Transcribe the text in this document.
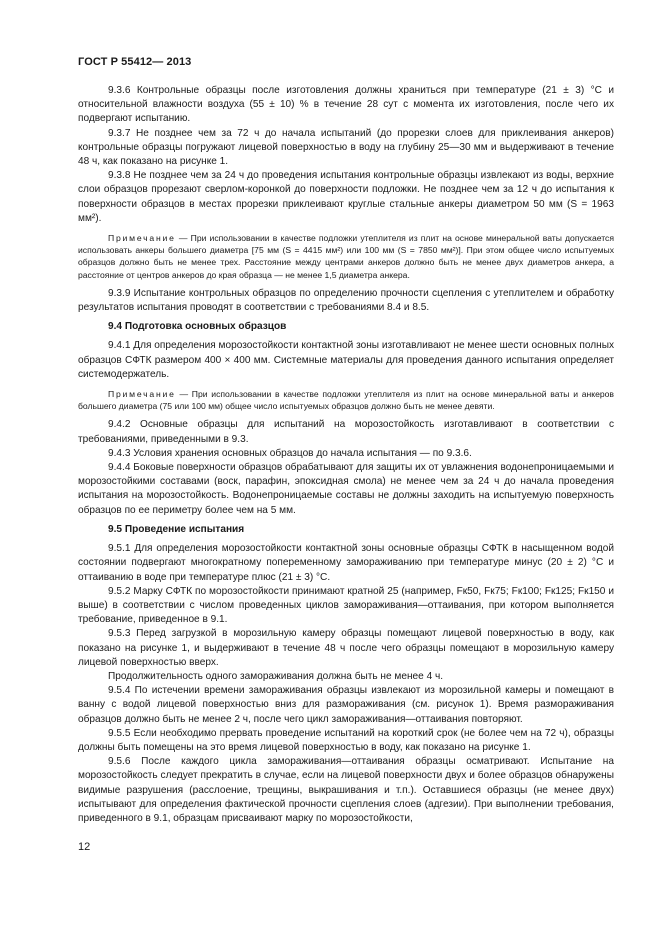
ГОСТ Р 55412— 2013

9.3.6 Контрольные образцы после изготовления должны храниться при температуре (21 ± 3) °С и относительной влажности воздуха (55 ± 10) % в течение 28 сут с момента их изготовления, после чего их подвергают испытанию.

9.3.7 Не позднее чем за 72 ч до начала испытаний (до прорезки слоев для приклеивания анкеров) контрольные образцы погружают лицевой поверхностью в воду на глубину 25—30 мм и выдерживают в течение 48 ч, как показано на рисунке 1.

9.3.8 Не позднее чем за 24 ч до проведения испытания контрольные образцы извлекают из воды, верхние слои образцов прорезают сверлом-коронкой до поверхности подложки. Не позднее чем за 12 ч до испытания к поверхности образцов в местах прорезки приклеивают круглые стальные анкеры диаметром 50 мм (S = 1963 мм²).

Примечание — При использовании в качестве подложки утеплителя из плит на основе минеральной ваты допускается использовать анкеры большего диаметра [75 мм (S = 4415 мм²) или 100 мм (S = 7850 мм²)]. При этом общее число испытуемых образцов должно быть не менее трех. Расстояние между центрами анкеров должно быть не менее двух диаметров анкера, а расстояние от центров анкеров до края образца — не менее 1,5 диаметра анкера.

9.3.9 Испытание контрольных образцов по определению прочности сцепления с утеплителем и обработку результатов испытания проводят в соответствии с требованиями 8.4 и 8.5.

9.4 Подготовка основных образцов

9.4.1 Для определения морозостойкости контактной зоны изготавливают не менее шести основных полных образцов СФТК размером 400 × 400 мм. Системные материалы для проведения данного испытания определяет системодержатель.

Примечание — При использовании в качестве подложки утеплителя из плит на основе минеральной ваты и анкеров большего диаметра (75 или 100 мм) общее число испытуемых образцов должно быть не менее девяти.

9.4.2 Основные образцы для испытаний на морозостойкость изготавливают в соответствии с требованиями, приведенными в 9.3.

9.4.3 Условия хранения основных образцов до начала испытания — по 9.3.6.

9.4.4 Боковые поверхности образцов обрабатывают для защиты их от увлажнения водонепроницаемыми и морозостойкими составами (воск, парафин, эпоксидная смола) не менее чем за 24 ч до начала проведения испытания на морозостойкость. Водонепроницаемые составы не должны заходить на испытуемую поверхность образцов по ее периметру более чем на 5 мм.

9.5 Проведение испытания

9.5.1 Для определения морозостойкости контактной зоны основные образцы СФТК в насыщенном водой состоянии подвергают многократному попеременному замораживанию при температуре минус (20 ± 2) °С и оттаиванию в воде при температуре плюс (21 ± 3) °С.

9.5.2 Марку СФТК по морозостойкости принимают кратной 25 (например, Fк50, Fк75; Fк100; Fк125; Fк150 и выше) в соответствии с числом проведенных циклов замораживания—оттаивания, при котором выполняется требование, приведенное в 9.1.

9.5.3 Перед загрузкой в морозильную камеру образцы помещают лицевой поверхностью в воду, как показано на рисунке 1, и выдерживают в течение 48 ч после чего образцы помещают в морозильную камеру лицевой поверхностью вверх.

Продолжительность одного замораживания должна быть не менее 4 ч.

9.5.4 По истечении времени замораживания образцы извлекают из морозильной камеры и помещают в ванну с водой лицевой поверхностью вниз для размораживания (см. рисунок 1). Время размораживания образцов должно быть не менее 2 ч, после чего цикл замораживания—оттаивания повторяют.

9.5.5 Если необходимо прервать проведение испытаний на короткий срок (не более чем на 72 ч), образцы должны быть помещены на это время лицевой поверхностью в воду, как показано на рисунке 1.

9.5.6 После каждого цикла замораживания—оттаивания образцы осматривают. Испытание на морозостойкость следует прекратить в случае, если на лицевой поверхности двух и более образцов обнаружены видимые разрушения (расслоение, трещины, выкрашивания и т.п.). Оставшиеся образцы (не менее двух) испытывают для определения фактической прочности сцепления слоев (адгезии). При выполнении требования, приведенного в 9.1, образцам присваивают марку по морозостойкости,

12
